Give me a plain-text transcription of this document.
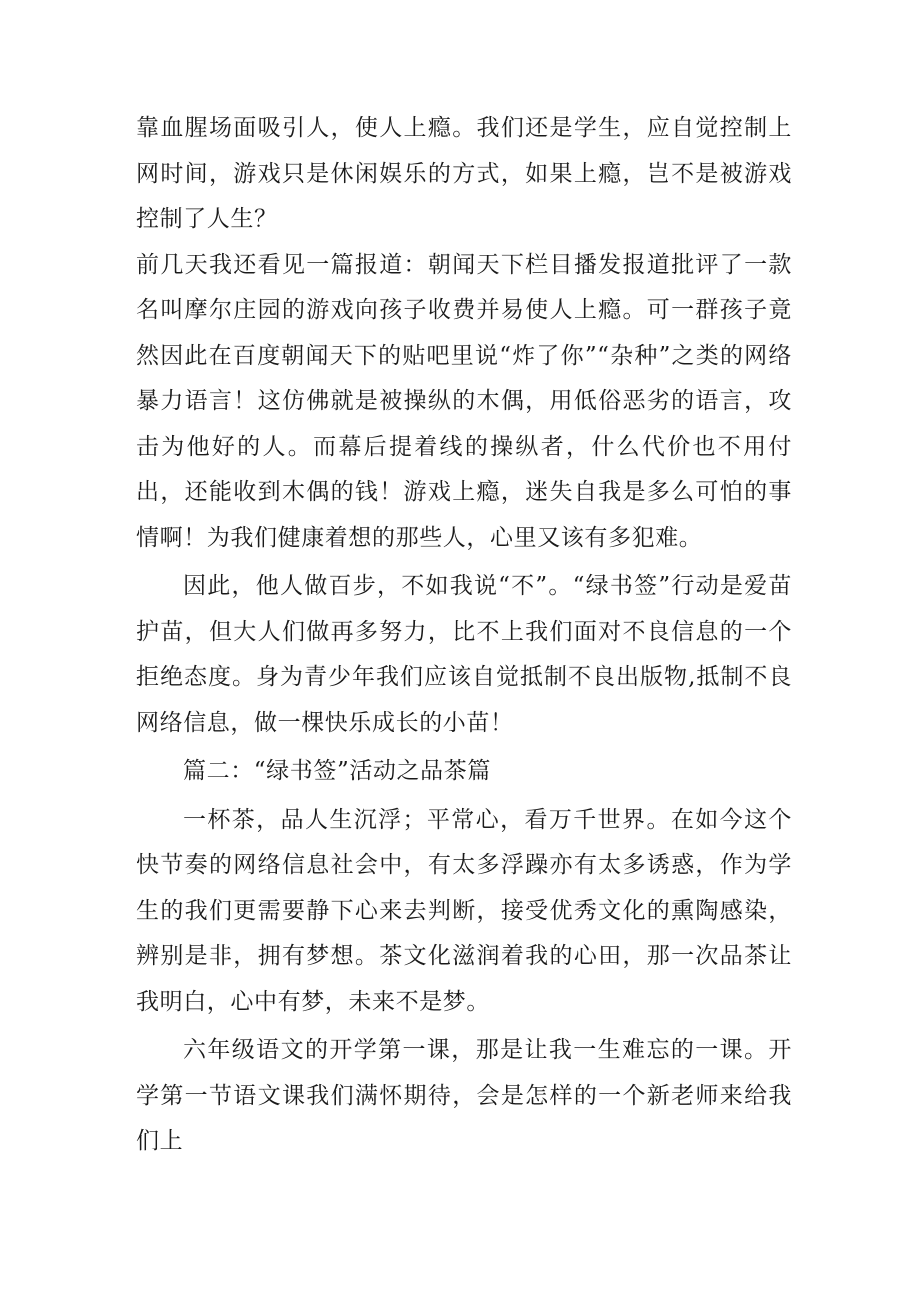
靠血腥场面吸引人，使人上瘾。我们还是学生，应自觉控制上网时间，游戏只是休闲娱乐的方式，如果上瘾，岂不是被游戏控制了人生？

前几天我还看见一篇报道：朝闻天下栏目播发报道批评了一款名叫摩尔庄园的游戏向孩子收费并易使人上瘾。可一群孩子竟然因此在百度朝闻天下的贴吧里说“炸了你”“杂种”之类的网络暴力语言！这仿佛就是被操纵的木偶，用低俗恶劣的语言，攻击为他好的人。而幕后提着线的操纵者，什么代价也不用付出，还能收到木偶的钱！游戏上瘾，迷失自我是多么可怕的事情啊！为我们健康着想的那些人，心里又该有多犯难。

因此，他人做百步，不如我说“不”。“绿书签”行动是爱苗护苗，但大人们做再多努力，比不上我们面对不良信息的一个拒绝态度。身为青少年我们应该自觉抵制不良出版物,抵制不良网络信息，做一棵快乐成长的小苗！

篇二：“绿书签”活动之品茶篇

一杯茶，品人生沉浮；平常心，看万千世界。在如今这个快节奏的网络信息社会中，有太多浮躁亦有太多诱惑，作为学生的我们更需要静下心来去判断，接受优秀文化的熏陶感染，辨别是非，拥有梦想。茶文化滋润着我的心田，那一次品茶让我明白，心中有梦，未来不是梦。

六年级语文的开学第一课，那是让我一生难忘的一课。开学第一节语文课我们满怀期待，会是怎样的一个新老师来给我们上
